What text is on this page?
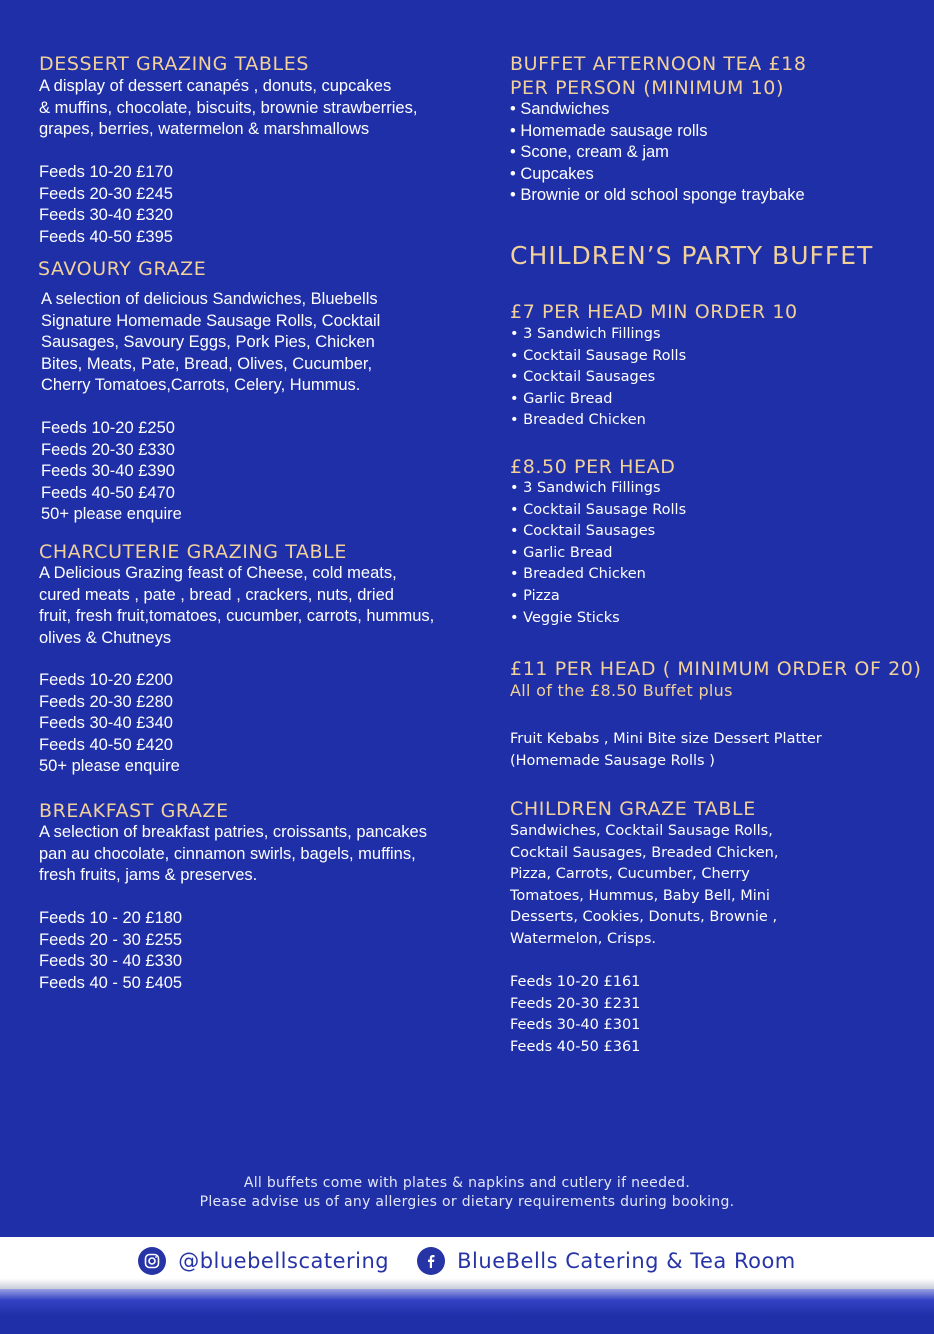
DESSERT GRAZING TABLES

A display of dessert canapés , donuts, cupcakes
& muffins, chocolate, biscuits, brownie strawberries,
grapes, berries, watermelon & marshmallows

Feeds 10-20 £170
Feeds 20-30 £245
Feeds 30-40 £320
Feeds 40-50 £395

SAVOURY GRAZE

A selection of delicious Sandwiches, Bluebells
Signature Homemade Sausage Rolls, Cocktail
Sausages, Savoury Eggs, Pork Pies, Chicken
Bites, Meats, Pate, Bread, Olives, Cucumber,
Cherry Tomatoes,Carrots, Celery, Hummus.

Feeds 10-20 £250
Feeds 20-30 £330
Feeds 30-40 £390
Feeds 40-50 £470
50+ please enquire

CHARCUTERIE GRAZING TABLE

A Delicious Grazing feast of Cheese, cold meats,
cured meats , pate , bread , crackers, nuts, dried
fruit, fresh fruit,tomatoes, cucumber, carrots, hummus,
olives & Chutneys

Feeds 10-20 £200
Feeds 20-30 £280
Feeds 30-40 £340
Feeds 40-50 £420
50+ please enquire

BREAKFAST GRAZE

A selection of breakfast patries, croissants, pancakes
pan au chocolate, cinnamon swirls, bagels, muffins,
fresh fruits, jams & preserves.

Feeds 10 - 20 £180
Feeds 20 - 30 £255
Feeds 30 - 40 £330
Feeds 40 - 50 £405

BUFFET AFTERNOON TEA £18
PER PERSON (MINIMUM 10)
• Sandwiches
• Homemade sausage rolls
• Scone, cream & jam
• Cupcakes
• Brownie or old school sponge traybake
CHILDREN’S PARTY BUFFET
£7 PER HEAD MIN ORDER 10
• 3 Sandwich Fillings
• Cocktail Sausage Rolls
• Cocktail Sausages
• Garlic Bread
• Breaded Chicken
£8.50 PER HEAD
• 3 Sandwich Fillings
• Cocktail Sausage Rolls
• Cocktail Sausages
• Garlic Bread
• Breaded Chicken
• Pizza
• Veggie Sticks
£11 PER HEAD ( MINIMUM ORDER OF 20)
All of the £8.50 Buffet plus

Fruit Kebabs , Mini Bite size Dessert Platter
(Homemade Sausage Rolls )

CHILDREN GRAZE TABLE

Sandwiches, Cocktail Sausage Rolls,
Cocktail Sausages, Breaded Chicken,
Pizza, Carrots, Cucumber, Cherry
Tomatoes, Hummus, Baby Bell, Mini
Desserts, Cookies, Donuts, Brownie ,
Watermelon, Crisps.

Feeds 10-20 £161
Feeds 20-30 £231
Feeds 30-40 £301
Feeds 40-50 £361

All buffets come with plates & napkins and cutlery if needed.
Please advise us of any allergies or dietary requirements during booking.
@bluebellscatering	BlueBells Catering & Tea Room
